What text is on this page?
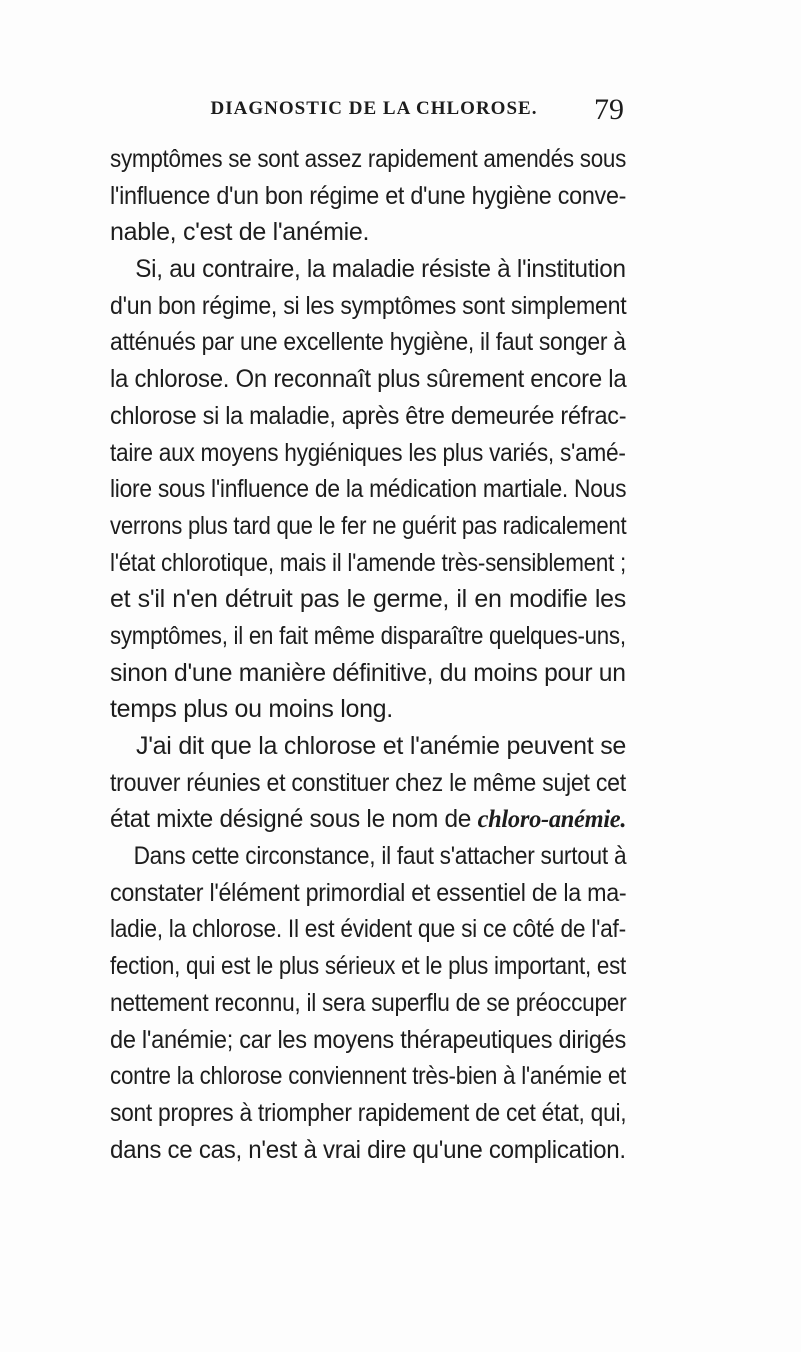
DIAGNOSTIC DE LA CHLOROSE.	79
symptômes se sont assez rapidement amendés sous
l'influence d'un bon régime et d'une hygiène conve-
nable, c'est de l'anémie.
Si, au contraire, la maladie résiste à l'institution
d'un bon régime, si les symptômes sont simplement
atténués par une excellente hygiène, il faut songer à
la chlorose. On reconnaît plus sûrement encore la
chlorose si la maladie, après être demeurée réfrac-
taire aux moyens hygiéniques les plus variés, s'amé-
liore sous l'influence de la médication martiale. Nous
verrons plus tard que le fer ne guérit pas radicalement
l'état chlorotique, mais il l'amende très-sensiblement ;
et s'il n'en détruit pas le germe, il en modifie les
symptômes, il en fait même disparaître quelques-uns,
sinon d'une manière définitive, du moins pour un
temps plus ou moins long.
J'ai dit que la chlorose et l'anémie peuvent se
trouver réunies et constituer chez le même sujet cet
état mixte désigné sous le nom de chloro-anémie.
Dans cette circonstance, il faut s'attacher surtout à
constater l'élément primordial et essentiel de la ma-
ladie, la chlorose. Il est évident que si ce côté de l'af-
fection, qui est le plus sérieux et le plus important, est
nettement reconnu, il sera superflu de se préoccuper
de l'anémie; car les moyens thérapeutiques dirigés
contre la chlorose conviennent très-bien à l'anémie et
sont propres à triompher rapidement de cet état, qui,
dans ce cas, n'est à vrai dire qu'une complication.
